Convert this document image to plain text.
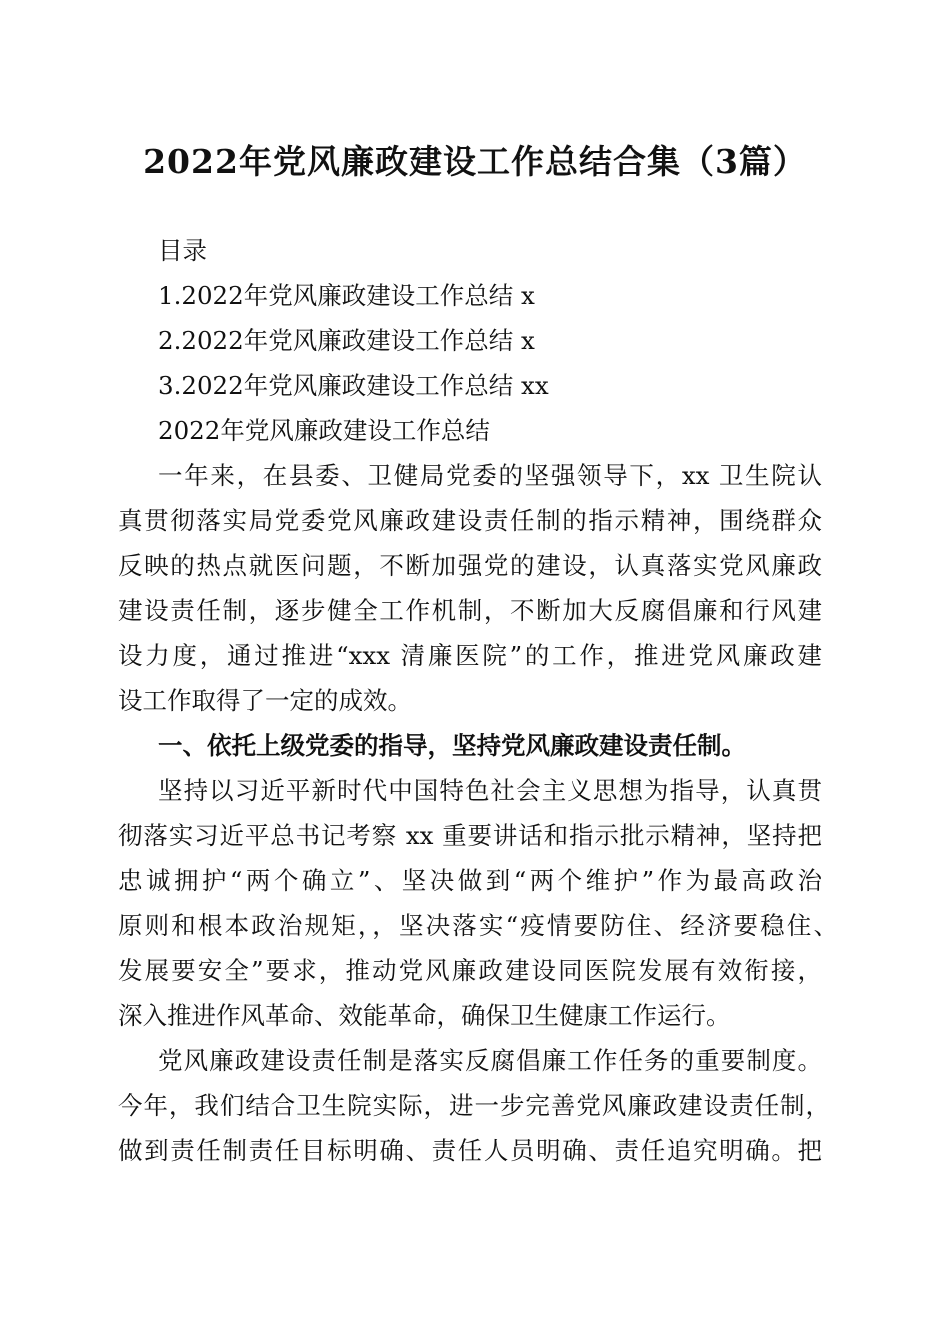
2022年党风廉政建设工作总结合集（3篇）
目录
1.2022年党风廉政建设工作总结 x
2.2022年党风廉政建设工作总结 x
3.2022年党风廉政建设工作总结 xx
2022年党风廉政建设工作总结
一年来，在县委、卫健局党委的坚强领导下，xx 卫生院认
真贯彻落实局党委党风廉政建设责任制的指示精神，围绕群众
反映的热点就医问题，不断加强党的建设，认真落实党风廉政
建设责任制，逐步健全工作机制，不断加大反腐倡廉和行风建
设力度，通过推进“xxx 清廉医院”的工作，推进党风廉政建
设工作取得了一定的成效。
一、依托上级党委的指导，坚持党风廉政建设责任制。
坚持以习近平新时代中国特色社会主义思想为指导，认真贯
彻落实习近平总书记考察 xx 重要讲话和指示批示精神，坚持把
忠诚拥护“两个确立”、坚决做到“两个维护”作为最高政治
原则和根本政治规矩，，坚决落实“疫情要防住、经济要稳住、
发展要安全”要求，推动党风廉政建设同医院发展有效衔接，
深入推进作风革命、效能革命，确保卫生健康工作运行。
党风廉政建设责任制是落实反腐倡廉工作任务的重要制度。
今年，我们结合卫生院实际，进一步完善党风廉政建设责任制，
做到责任制责任目标明确、责任人员明确、责任追究明确。把
